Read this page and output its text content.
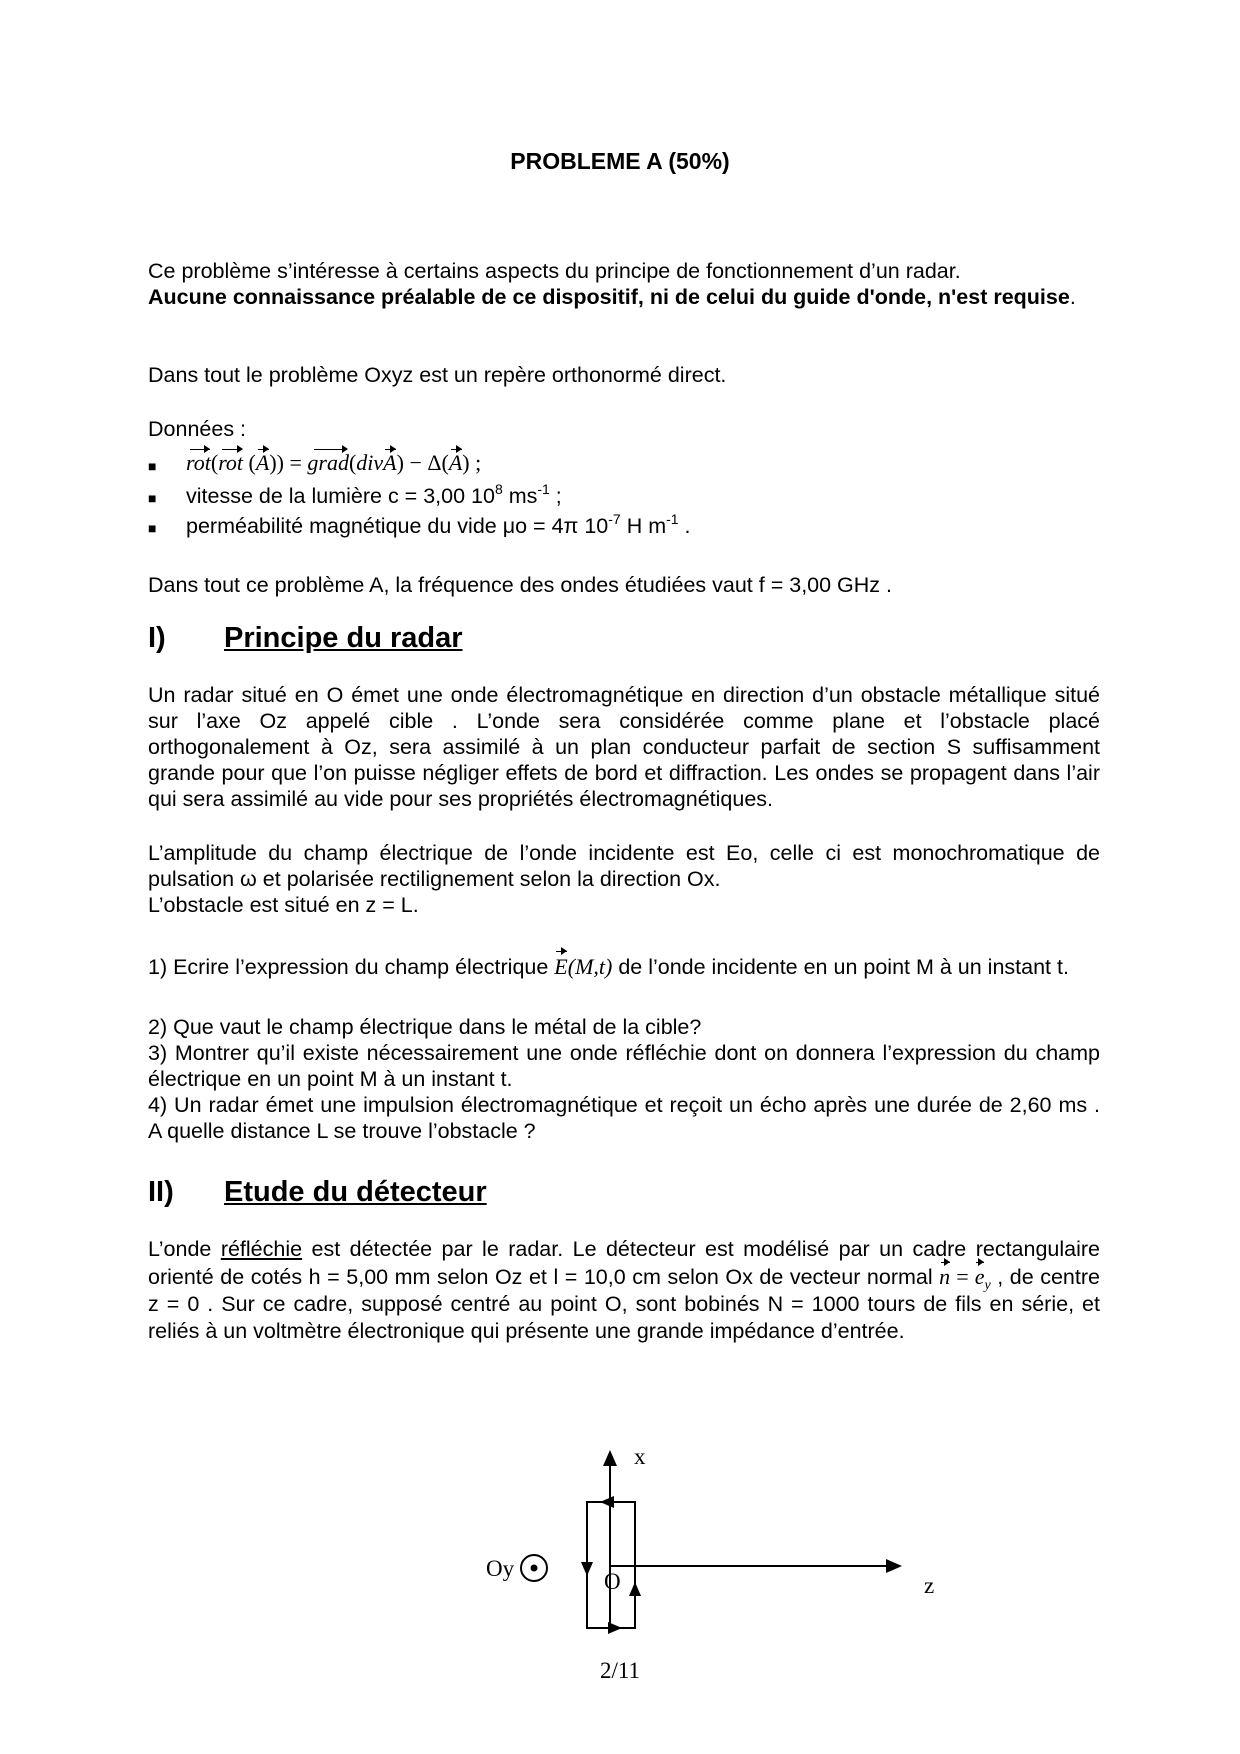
PROBLEME A (50%)
Ce problème s’intéresse à certains aspects du principe de fonctionnement d’un radar.
Aucune connaissance préalable de ce dispositif, ni de celui du guide d'onde, n'est requise.
Dans tout le problème Oxyz est un repère orthonormé direct.
Données :
■ rot(rot (A)) = grad(divA) − Δ(A) ;
■ vitesse de la lumière c = 3,00 $10^8$ $ms^{-1}$ ;
■ perméabilité magnétique du vide μo = 4π $10^{-7}$ H $m^{-1}$ .
Dans tout ce problème A, la fréquence des ondes étudiées vaut f = 3,00 GHz .
I) Principe du radar
Un radar situé en O émet une onde électromagnétique en direction d’un obstacle métallique situé sur l’axe Oz appelé cible . L’onde sera considérée comme plane et l’obstacle placé orthogonalement à Oz, sera assimilé à un plan conducteur parfait de section S suffisamment grande pour que l’on puisse négliger effets de bord et diffraction. Les ondes se propagent dans l’air qui sera assimilé au vide pour ses propriétés électromagnétiques.
L’amplitude du champ électrique de l’onde incidente est Eo, celle ci est monochromatique de pulsation ω et polarisée rectilignement selon la direction Ox.
L’obstacle est situé en z = L.
1) Ecrire l’expression du champ électrique E(M,t) de l’onde incidente en un point M à un instant t.
2) Que vaut le champ électrique dans le métal de la cible?
3) Montrer qu’il existe nécessairement une onde réfléchie dont on donnera l’expression du champ électrique en un point M à un instant t.
4) Un radar émet une impulsion électromagnétique et reçoit un écho après une durée de 2,60 ms . A quelle distance L se trouve l’obstacle ?
II) Etude du détecteur
L’onde réfléchie est détectée par le radar. Le détecteur est modélisé par un cadre rectangulaire orienté de cotés h = 5,00 mm selon Oz et l = 10,0 cm selon Ox de vecteur normal $n = e_y$ , de centre z = 0 . Sur ce cadre, supposé centré au point O, sont bobinés N = 1000 tours de fils en série, et reliés à un voltmètre électronique qui présente une grande impédance d’entrée.
x
z
O
Oy
2/11
